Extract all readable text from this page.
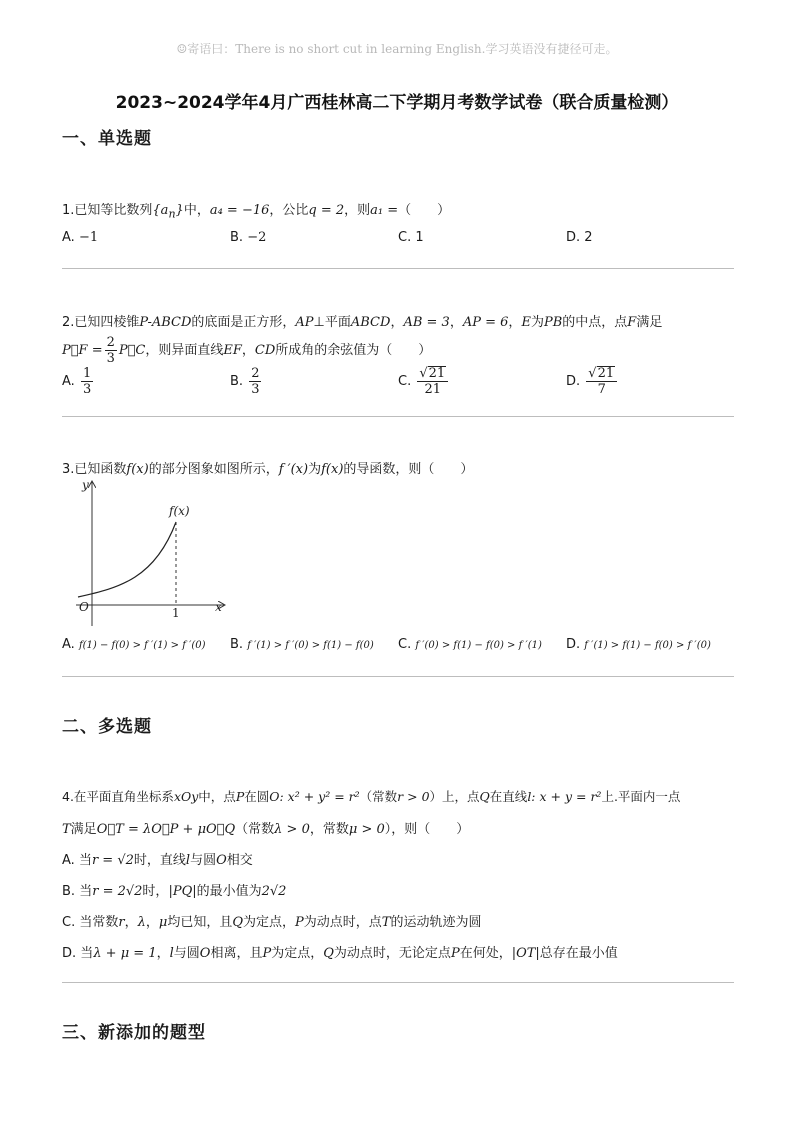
☺寄语曰：There is no short cut in learning English.学习英语没有捷径可走。
2023~2024学年4月广西桂林高二下学期月考数学试卷（联合质量检测）
一、单选题
1.已知等比数列$\{a_n\}$中，a₄ = −16，公比q = 2，则a₁ =（　　）
A. −1	B. −2	C. 1	D. 2
2.已知四棱锥P-ABCD的底面是正方形，AP⊥平面ABCD，AB = 3，AP = 6，E为PB的中点，点F满足
P⃗F = $\frac{2}{3}$ P⃗C，则异面直线EF，CD所成角的余弦值为（　　）
A. $\frac{1}{3}$	B. $\frac{2}{3}$	C. $\frac{√21}{21}$	D. $\frac{√21}{7}$
3.已知函数f(x)的部分图象如图所示，f ′(x)为f(x)的导函数，则（　　）
y
x
O	1
f(x)
A. f(1) − f(0) > f ′(1) > f ′(0) B. f ′(1) > f ′(0) > f(1) − f(0) C. f ′(0) > f(1) − f(0) > f ′(1) D. f ′(1) > f(1) − f(0) > f ′(0)
二、多选题
4.在平面直角坐标系xOy中，点P在圆O: x² + y² = r²（常数r > 0）上，点Q在直线l: x + y = r²上.平面内一点
T满足O⃗T = λO⃗P + μO⃗Q（常数λ > 0，常数μ > 0），则（　　）
A. 当r = √2时，直线l与圆O相交
B. 当r = 2√2时，|PQ|的最小值为2√2
C. 当常数r，λ，μ均已知，且Q为定点，P为动点时，点T的运动轨迹为圆
D. 当λ + μ = 1，l与圆O相离，且P为定点，Q为动点时，无论定点P在何处，|OT|总存在最小值
三、新添加的题型
